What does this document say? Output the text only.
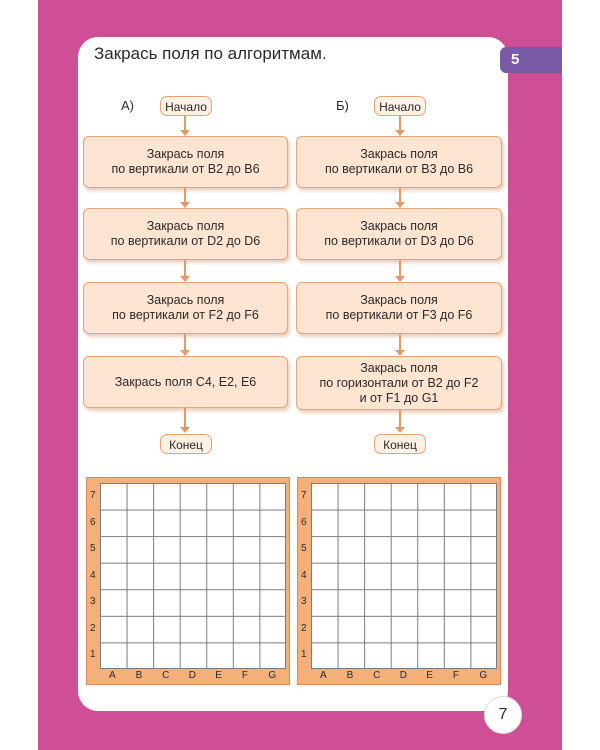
Закрась поля по алгоритмам.	5
А)	Начало
Закрась поля
по вертикали от B2 до B6
Закрась поля
по вертикали от D2 до D6
Закрась поля
по вертикали от F2 до F6
Закрась поля C4, E2, E6
Конец
Б)	Начало
Закрась поля
по вертикали от B3 до B6
Закрась поля
по вертикали от D3 до D6
Закрась поля
по вертикали от F3 до F6
Закрась поля
по горизонтали от B2 до F2
и от F1 до G1
Конец
7
6
5
4
3
2
1
A B C D E F G
7
6
5
4
3
2
1
A B C D E F G
7
